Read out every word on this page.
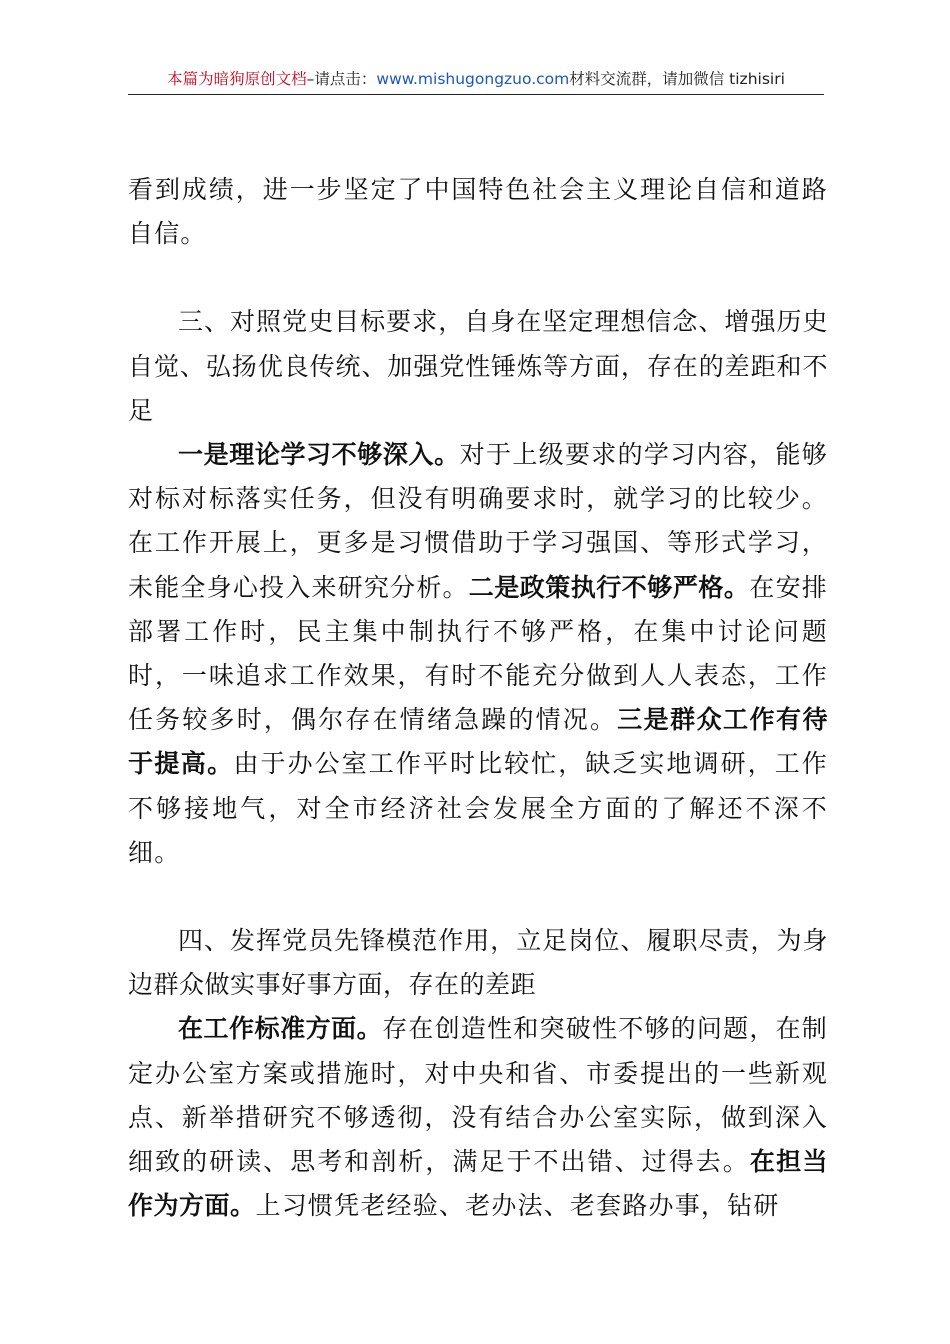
本篇为暗狗原创文档–请点击：www.mishugongzuo.com材料交流群，请加微信 tizhisiri

看到成绩，进一步坚定了中国特色社会主义理论自信和道路自信。

三、对照党史目标要求，自身在坚定理想信念、增强历史自觉、弘扬优良传统、加强党性锤炼等方面，存在的差距和不足

一是理论学习不够深入。对于上级要求的学习内容，能够对标对标落实任务，但没有明确要求时，就学习的比较少。在工作开展上，更多是习惯借助于学习强国、等形式学习，未能全身心投入来研究分析。二是政策执行不够严格。在安排部署工作时，民主集中制执行不够严格，在集中讨论问题时，一味追求工作效果，有时不能充分做到人人表态，工作任务较多时，偶尔存在情绪急躁的情况。三是群众工作有待于提高。由于办公室工作平时比较忙，缺乏实地调研，工作不够接地气，对全市经济社会发展全方面的了解还不深不细。

四、发挥党员先锋模范作用，立足岗位、履职尽责，为身边群众做实事好事方面，存在的差距

在工作标准方面。存在创造性和突破性不够的问题，在制定办公室方案或措施时，对中央和省、市委提出的一些新观点、新举措研究不够透彻，没有结合办公室实际，做到深入细致的研读、思考和剖析，满足于不出错、过得去。在担当作为方面。上习惯凭老经验、老办法、老套路办事，钻研
